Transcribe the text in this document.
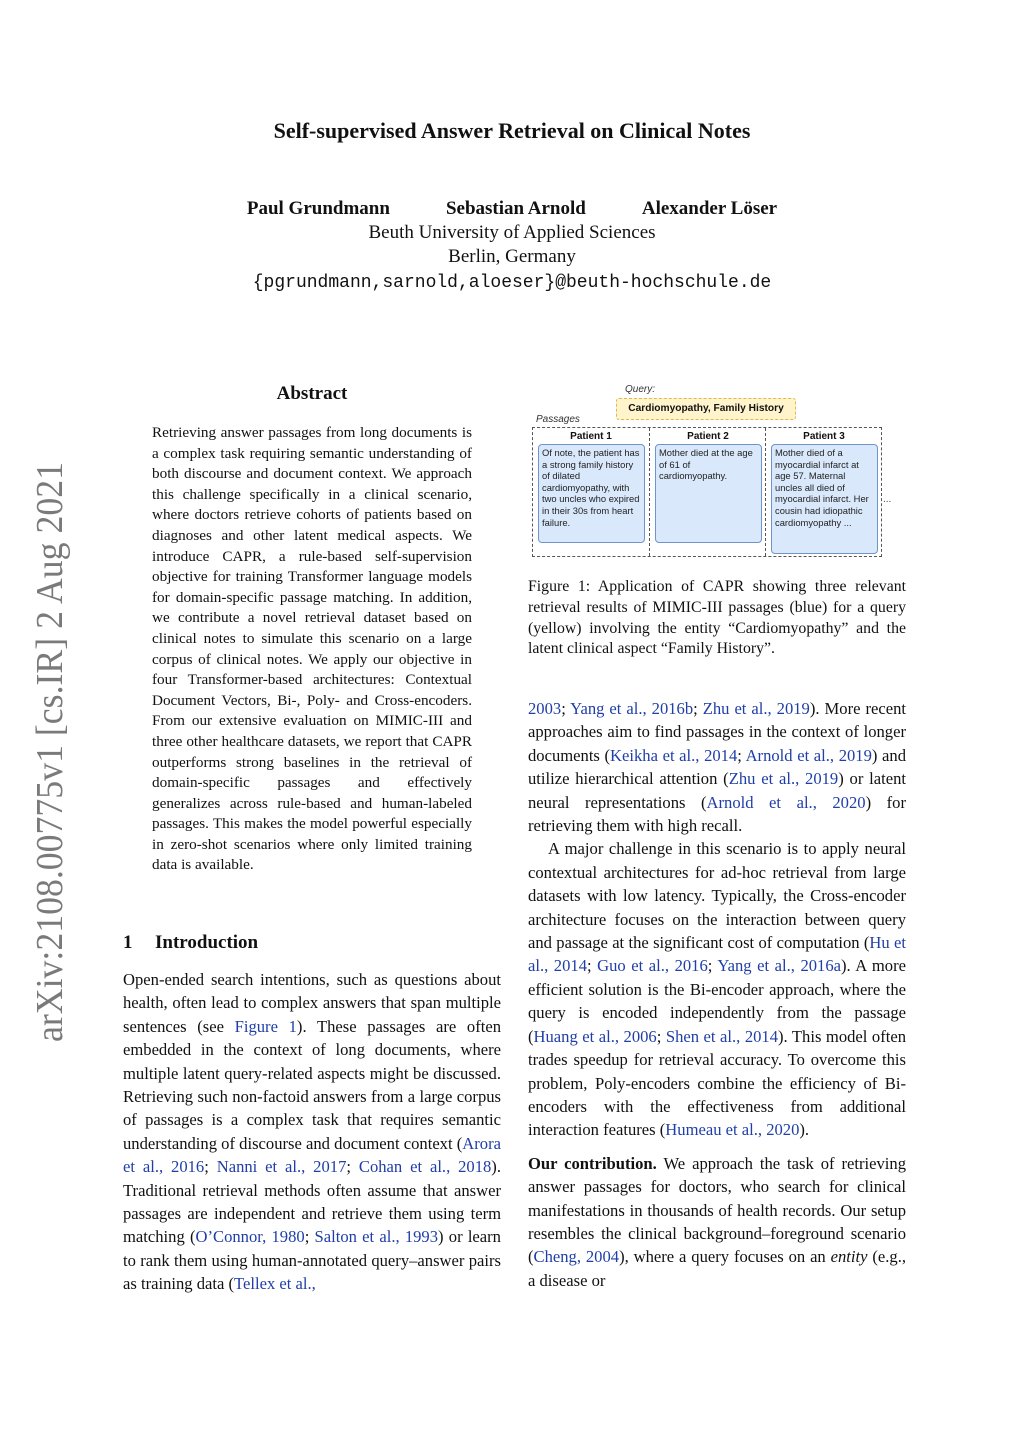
arXiv:2108.00775v1 [cs.IR] 2 Aug 2021
Self-supervised Answer Retrieval on Clinical Notes
Paul Grundmann	Sebastian Arnold	Alexander Löser
Beuth University of Applied Sciences
Berlin, Germany
{pgrundmann,sarnold,aloeser}@beuth-hochschule.de
Abstract
Retrieving answer passages from long documents is a complex task requiring semantic understanding of both discourse and document context. We approach this challenge specifically in a clinical scenario, where doctors retrieve cohorts of patients based on diagnoses and other latent medical aspects. We introduce CAPR, a rule-based self-supervision objective for training Transformer language models for domain-specific passage matching. In addition, we contribute a novel retrieval dataset based on clinical notes to simulate this scenario on a large corpus of clinical notes. We apply our objective in four Transformer-based architectures: Contextual Document Vectors, Bi-, Poly- and Cross-encoders. From our extensive evaluation on MIMIC-III and three other healthcare datasets, we report that CAPR outperforms strong baselines in the retrieval of domain-specific passages and effectively generalizes across rule-based and human-labeled passages. This makes the model powerful especially in zero-shot scenarios where only limited training data is available.
Query:
Cardiomyopathy, Family History
Passages
Patient 1
Of note, the patient has a strong family history of dilated cardiomyopathy, with two uncles who expired in their 30s from heart failure.
Patient 2
Mother died at the age of 61 of cardiomyopathy.
Patient 3
Mother died of a myocardial infarct at age 57. Maternal uncles all died of myocardial infarct. Her cousin had idiopathic cardiomyopathy ...
...
Figure 1: Application of CAPR showing three relevant retrieval results of MIMIC-III passages (blue) for a query (yellow) involving the entity “Cardiomyopathy” and the latent clinical aspect “Family History”.
1 Introduction

Open-ended search intentions, such as questions about health, often lead to complex answers that span multiple sentences (see Figure 1). These passages are often embedded in the context of long documents, where multiple latent query-related aspects might be discussed. Retrieving such non-factoid answers from a large corpus of passages is a complex task that requires semantic understanding of discourse and document context (Arora et al., 2016; Nanni et al., 2017; Cohan et al., 2018). Traditional retrieval methods often assume that answer passages are independent and retrieve them using term matching (O’Connor, 1980; Salton et al., 1993) or learn to rank them using human-annotated query–answer pairs as training data (Tellex et al.,

2003; Yang et al., 2016b; Zhu et al., 2019). More recent approaches aim to find passages in the context of longer documents (Keikha et al., 2014; Arnold et al., 2019) and utilize hierarchical attention (Zhu et al., 2019) or latent neural representations (Arnold et al., 2020) for retrieving them with high recall.

A major challenge in this scenario is to apply neural contextual architectures for ad-hoc retrieval from large datasets with low latency. Typically, the Cross-encoder architecture focuses on the interaction between query and passage at the significant cost of computation (Hu et al., 2014; Guo et al., 2016; Yang et al., 2016a). A more efficient solution is the Bi-encoder approach, where the query is encoded independently from the passage (Huang et al., 2006; Shen et al., 2014). This model often trades speedup for retrieval accuracy. To overcome this problem, Poly-encoders combine the efficiency of Bi-encoders with the effectiveness from additional interaction features (Humeau et al., 2020).

Our contribution. We approach the task of retrieving answer passages for doctors, who search for clinical manifestations in thousands of health records. Our setup resembles the clinical background–foreground scenario (Cheng, 2004), where a query focuses on an entity (e.g., a disease or
